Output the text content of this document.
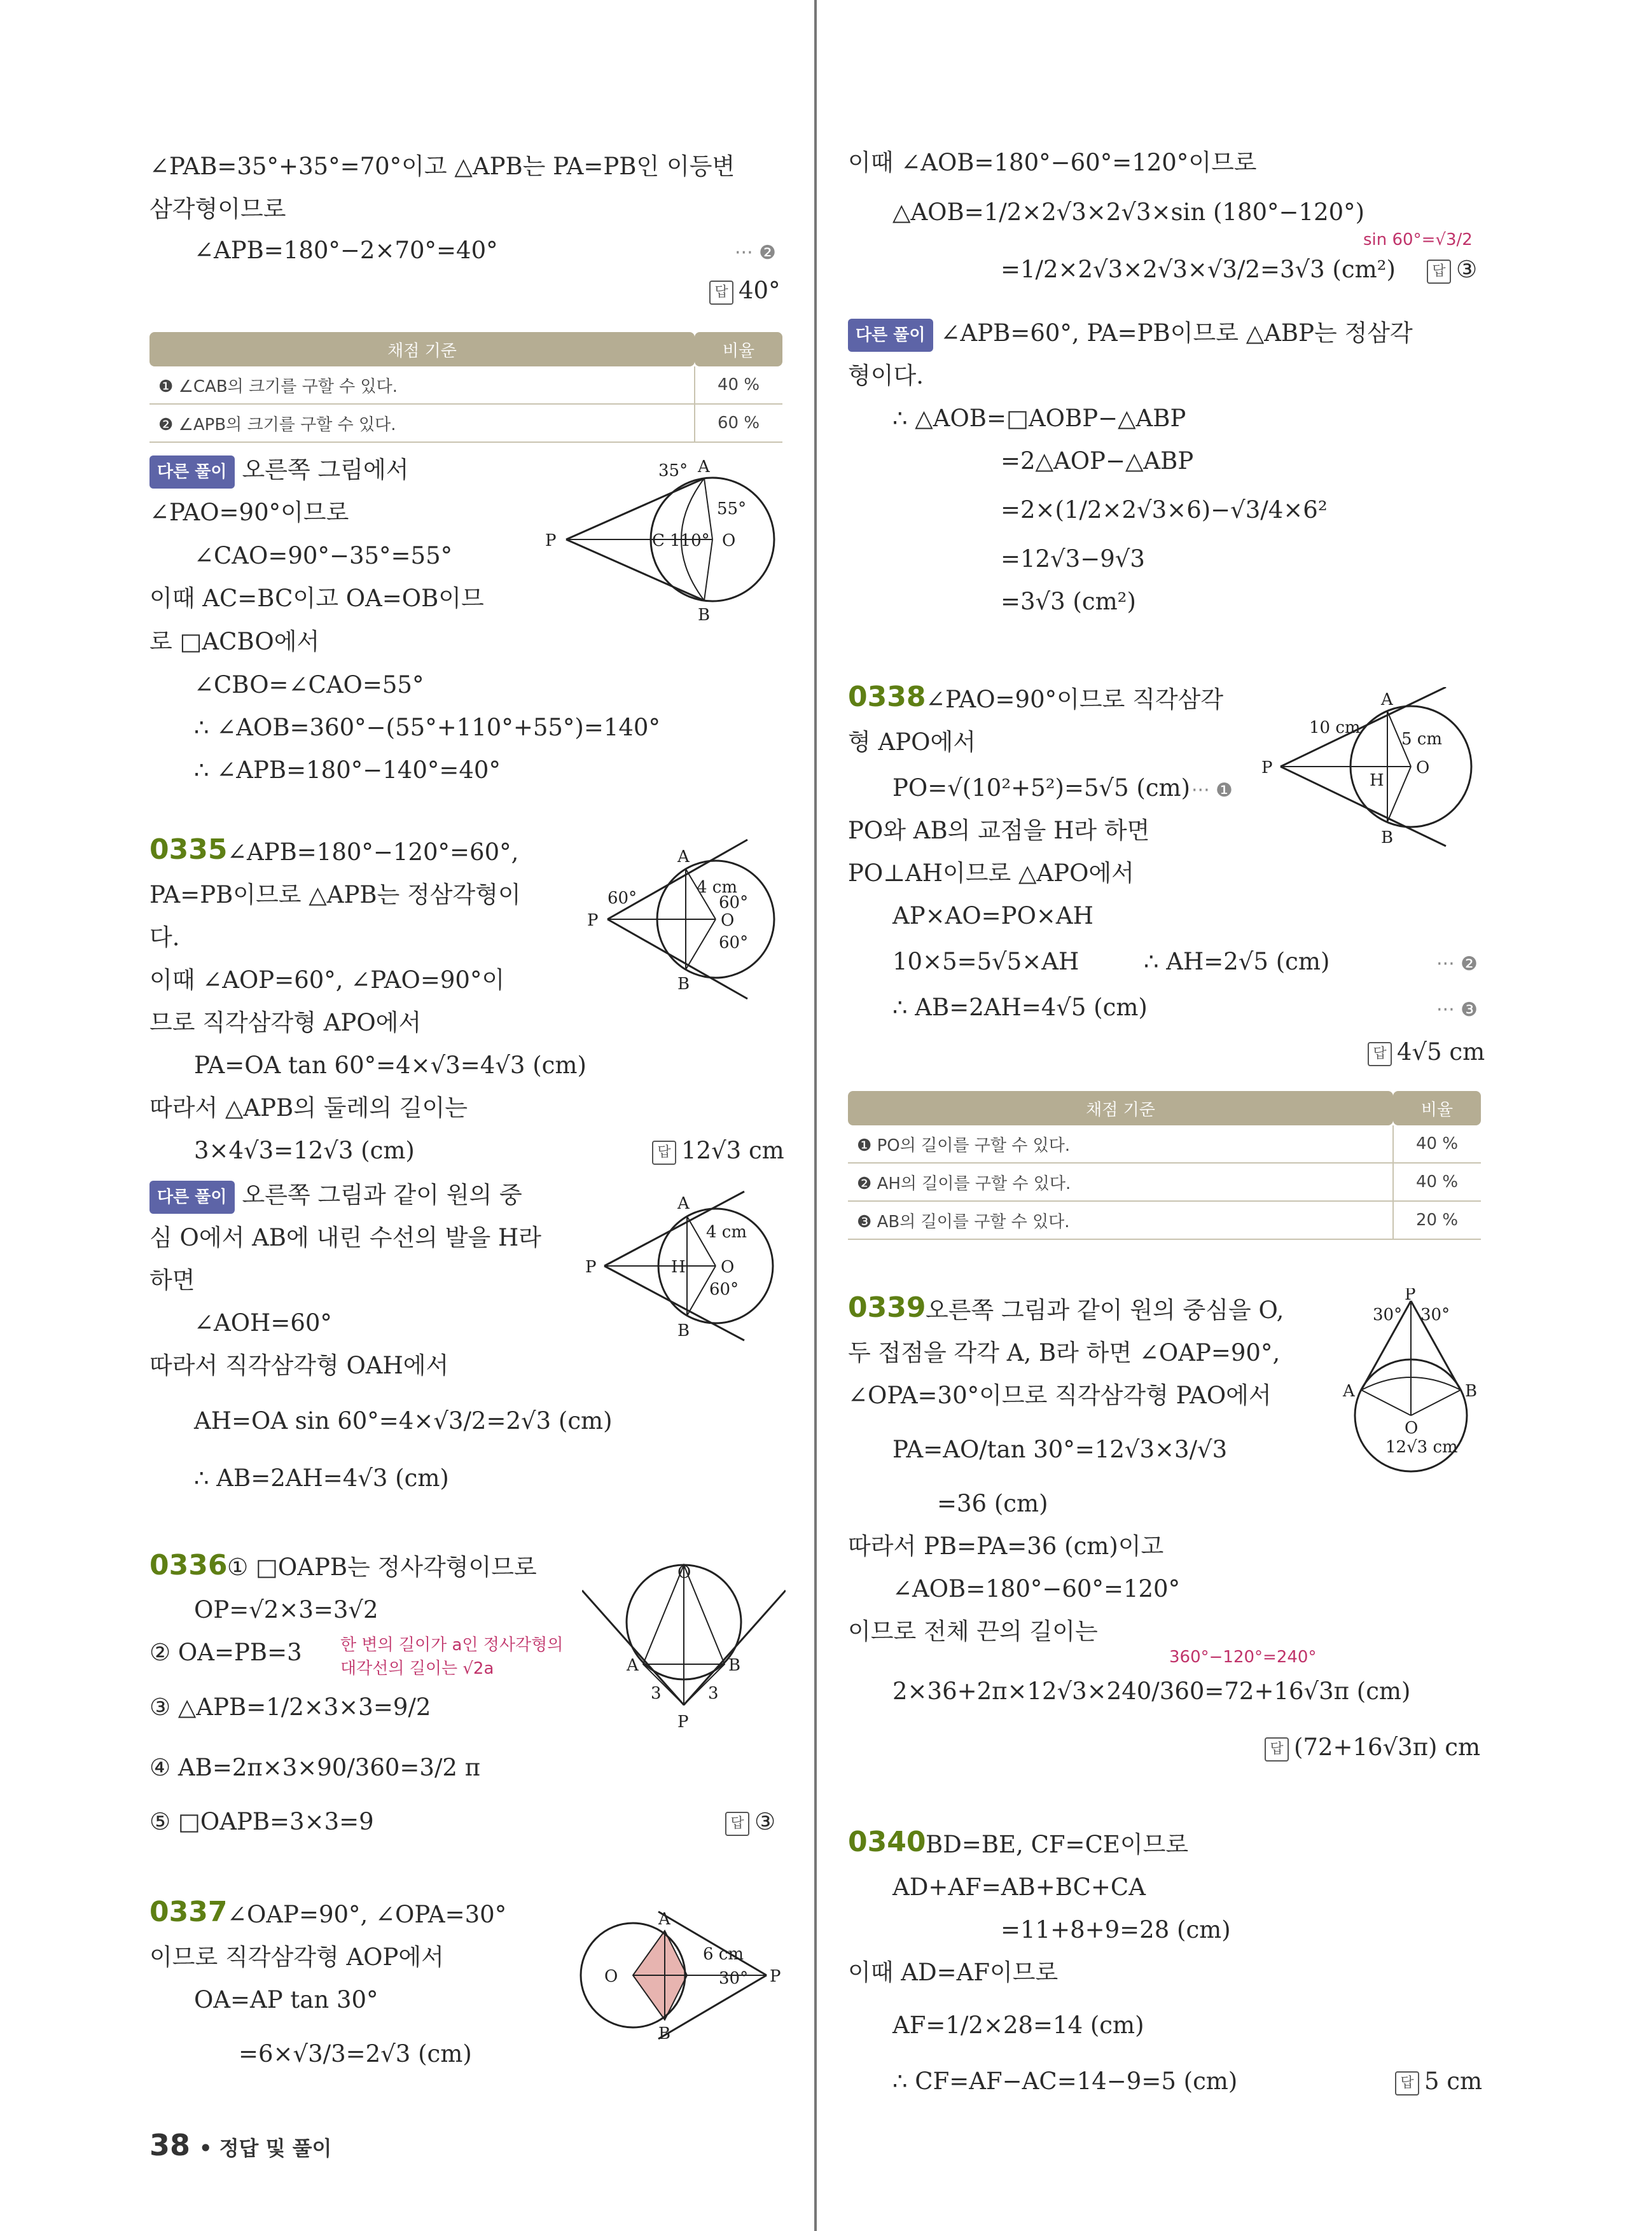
∠PAB=35°+35°=70°이고 △APB는 PA=PB인 이등변
삼각형이므로
∠APB=180°−2×70°=40°	··· ❷
답 40°
채점 기준	비율
❶ ∠CAB의 크기를 구할 수 있다.	40 %
❷ ∠APB의 크기를 구할 수 있다.	60 %
다른 풀이 오른쪽 그림에서
∠PAO=90°이므로
∠CAO=90°−35°=55°
이때 AC=BC이고 OA=OB이므
로 □ACBO에서
∠CBO=∠CAO=55°
∴ ∠AOB=360°−(55°+110°+55°)=140°
∴ ∠APB=180°−140°=40°
35° A
55°
P	C 110° O
B
0335 ∠APB=180°−120°=60°,
PA=PB이므로 △APB는 정삼각형이
다.
이때 ∠AOP=60°, ∠PAO=90°이
므로 직각삼각형 APO에서
PA=OA tan 60°=4×√3=4√3 (cm)
따라서 △APB의 둘레의 길이는
3×4√3=12√3 (cm)	답 12√3 cm
A
60°
4 cm
60°
P	O
60°
B
다른 풀이 오른쪽 그림과 같이 원의 중
심 O에서 AB에 내린 수선의 발을 H라
하면
∠AOH=60°
따라서 직각삼각형 OAH에서
AH=OA sin 60°=4×√3/2=2√3 (cm)
∴ AB=2AH=4√3 (cm)
A
4 cm
P	H O
60°
B
0336 ① □OAPB는 정사각형이므로
OP=√2×3=3√2
한 변의 길이가 a인 정사각형의
대각선의 길이는 √2a
② OA=PB=3
③ △APB=1/2×3×3=9/2
④ AB=2π×3×90/360=3/2 π
⑤ □OAPB=3×3=9	답 ③
O
A	B
P
3	3
0337 ∠OAP=90°, ∠OPA=30°
이므로 직각삼각형 AOP에서
OA=AP tan 30°
=6×√3/3=2√3 (cm)
A
6 cm
O	30° P
B
이때 ∠AOB=180°−60°=120°이므로
△AOB=1/2×2√3×2√3×sin (180°−120°)
sin 60°=√3/2
=1/2×2√3×2√3×√3/2=3√3 (cm²)	답 ③
다른 풀이 ∠APB=60°, PA=PB이므로 △ABP는 정삼각
형이다.
∴ △AOB=□AOBP−△ABP
=2△AOP−△ABP
=2×(1/2×2√3×6)−√3/4×6²
=12√3−9√3
=3√3 (cm²)
0338 ∠PAO=90°이므로 직각삼각
형 APO에서
PO=√(10²+5²)=5√5 (cm) ··· ❶
PO와 AB의 교점을 H라 하면
PO⊥AH이므로 △APO에서
AP×AO=PO×AH
10×5=5√5×AH	∴ AH=2√5 (cm)	··· ❷
∴ AB=2AH=4√5 (cm)	··· ❸
답 4√5 cm
A
10 cm
5 cm
P
H
O
B
채점 기준	비율
❶ PO의 길이를 구할 수 있다.	40 %
❷ AH의 길이를 구할 수 있다.	40 %
❸ AB의 길이를 구할 수 있다.	20 %
0339 오른쪽 그림과 같이 원의 중심을 O,
두 접점을 각각 A, B라 하면 ∠OAP=90°,
∠OPA=30°이므로 직각삼각형 PAO에서
PA=AO/tan 30°=12√3×3/√3
=36 (cm)
따라서 PB=PA=36 (cm)이고
∠AOB=180°−60°=120°
이므로 전체 끈의 길이는
360°−120°=240°
2×36+2π×12√3×240/360=72+16√3π (cm)
답 (72+16√3π) cm
P
30° 30°
A	B
O
12√3 cm
0340 BD=BE, CF=CE이므로
AD+AF=AB+BC+CA
=11+8+9=28 (cm)
이때 AD=AF이므로
AF=1/2×28=14 (cm)
∴ CF=AF−AC=14−9=5 (cm)	답 5 cm
38 • 정답 및 풀이
